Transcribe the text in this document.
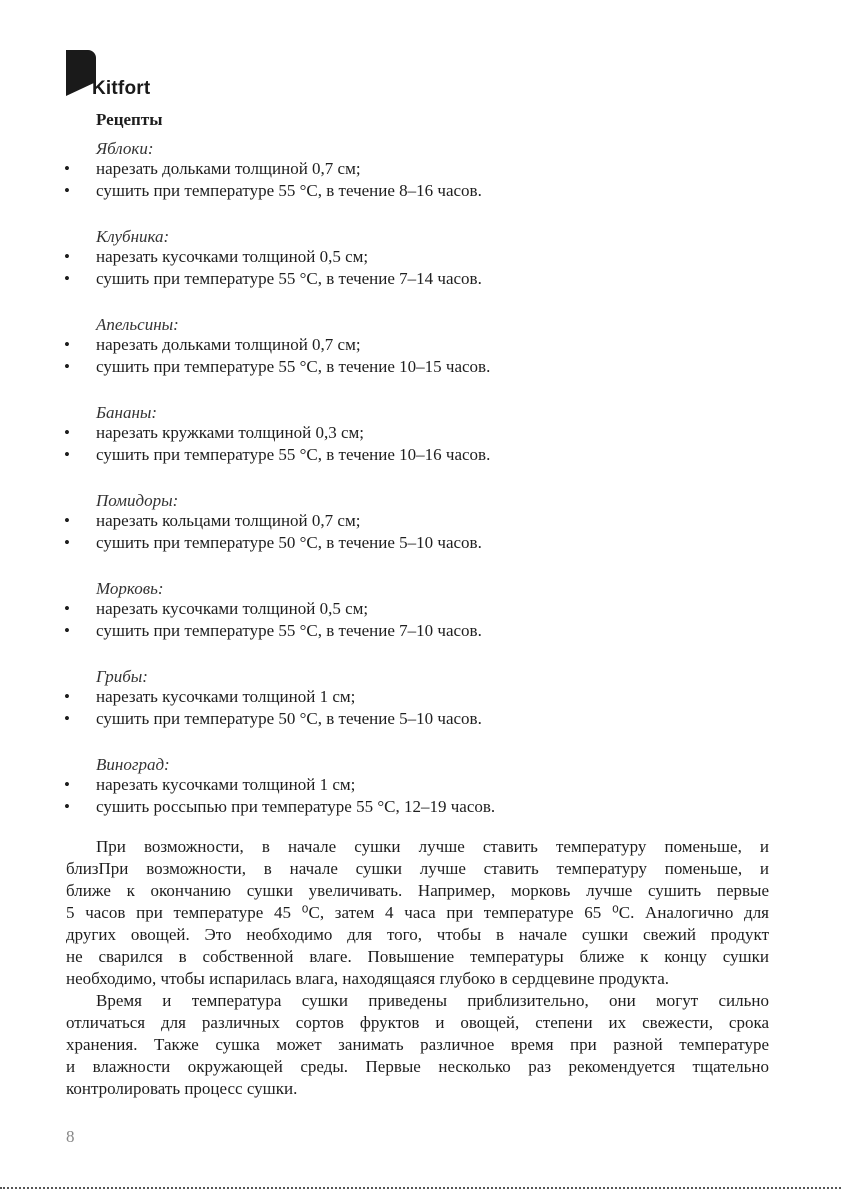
Kitfort
Рецепты
Яблоки:
• нарезать дольками толщиной 0,7 см;
• сушить при температуре 55 °С, в течение 8–16 часов.
Клубника:
• нарезать кусочками толщиной 0,5 см;
• сушить при температуре 55 °С, в течение 7–14 часов.
Апельсины:
• нарезать дольками толщиной 0,7 см;
• сушить при температуре 55 °С, в течение 10–15 часов.
Бананы:
• нарезать кружками толщиной 0,3 см;
• сушить при температуре 55 °С, в течение 10–16 часов.
Помидоры:
• нарезать кольцами толщиной 0,7 см;
• сушить при температуре 50 °С, в течение 5–10 часов.
Морковь:
• нарезать кусочками толщиной 0,5 см;
• сушить при температуре 55 °С, в течение 7–10 часов.
Грибы:
• нарезать кусочками толщиной 1 см;
• сушить при температуре 50 °С, в течение 5–10 часов.
Виноград:
• нарезать кусочками толщиной 1 см;
• сушить россыпью при температуре 55 °С, 12–19 часов.
При возможности, в начале сушки лучше ставить температуру поменьше, и
близПри возможности, в начале сушки лучше ставить температуру поменьше, и
ближе к окончанию сушки увеличивать. Например, морковь лучше сушить первые
5 часов при температуре 45 ⁰С, затем 4 часа при температуре 65 ⁰С. Аналогично для
других овощей. Это необходимо для того, чтобы в начале сушки свежий продукт
не сварился в собственной влаге. Повышение температуры ближе к концу сушки
необходимо, чтобы испарилась влага, находящаяся глубоко в сердцевине продукта.
Время и температура сушки приведены приблизительно, они могут сильно
отличаться для различных сортов фруктов и овощей, степени их свежести, срока
хранения. Также сушка может занимать различное время при разной температуре
и влажности окружающей среды. Первые несколько раз рекомендуется тщательно
контролировать процесс сушки.
8
